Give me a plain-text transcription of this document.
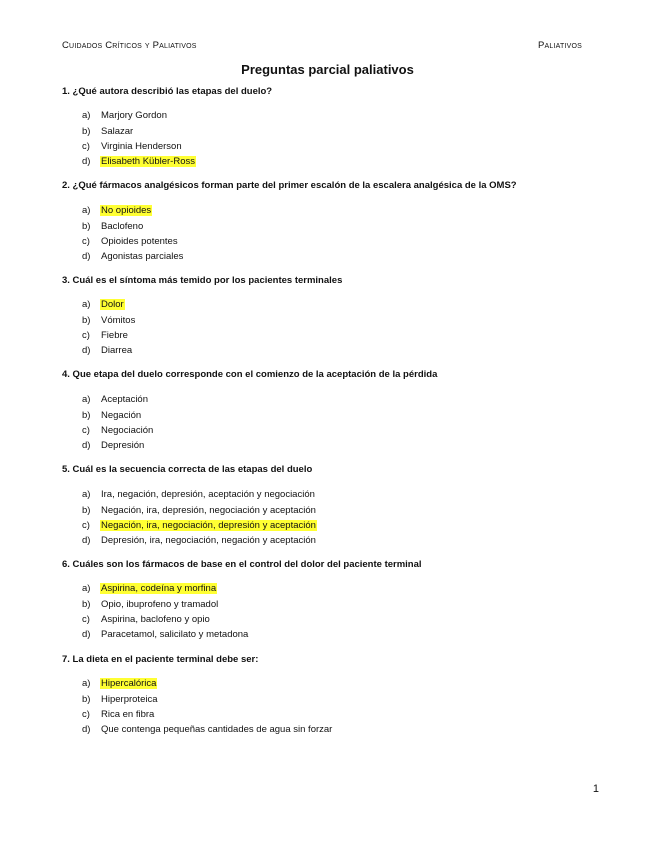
Cuidados Críticos y Paliativos	Paliativos
Preguntas parcial paliativos
1. ¿Qué autora describió las etapas del duelo?
a)	Marjory Gordon
b)	Salazar
c)	Virginia Henderson
d)	Elisabeth Kübler-Ross
2. ¿Qué fármacos analgésicos forman parte del primer escalón de la escalera analgésica de la OMS?
a)	No opioides
b)	Baclofeno
c)	Opioides potentes
d)	Agonistas parciales
3. Cuál es el síntoma más temido por los pacientes terminales
a)	Dolor
b)	Vómitos
c)	Fiebre
d)	Diarrea
4. Que etapa del duelo corresponde con el comienzo de la aceptación de la pérdida
a)	Aceptación
b)	Negación
c)	Negociación
d)	Depresión
5. Cuál es la secuencia correcta de las etapas del duelo
a)	Ira, negación, depresión, aceptación y negociación
b)	Negación, ira, depresión, negociación y aceptación
c)	Negación, ira, negociación, depresión y aceptación
d)	Depresión, ira, negociación, negación y aceptación
6. Cuáles son los fármacos de base en el control del dolor del paciente terminal
a)	Aspirina, codeína y morfina
b)	Opio, ibuprofeno y tramadol
c)	Aspirina, baclofeno y opio
d)	Paracetamol, salicilato y metadona
7. La dieta en el paciente terminal debe ser:
a)	Hipercalórica
b)	Hiperproteica
c)	Rica en fibra
d)	Que contenga pequeñas cantidades de agua sin forzar
1
